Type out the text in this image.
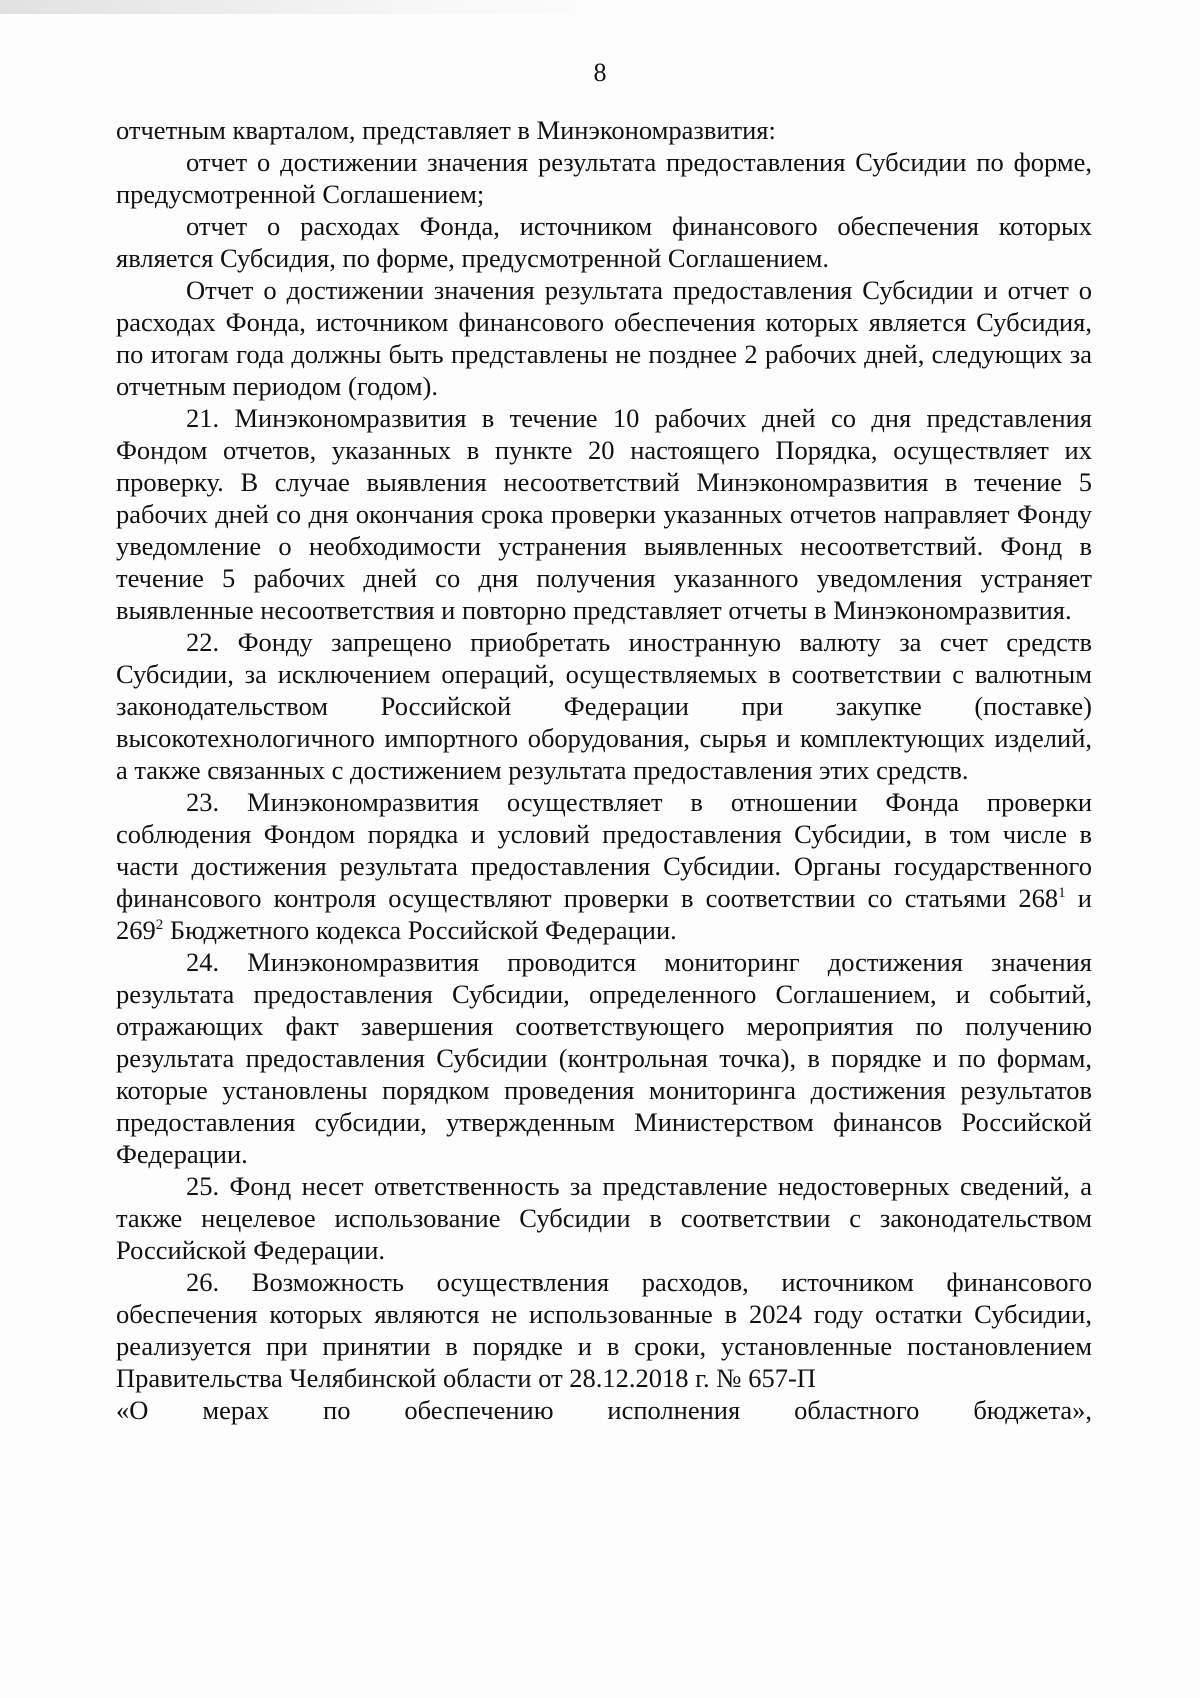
8

отчетным кварталом, представляет в Минэкономразвития:

отчет о достижении значения результата предоставления Субсидии по форме, предусмотренной Соглашением;

отчет о расходах Фонда, источником финансового обеспечения которых является Субсидия, по форме, предусмотренной Соглашением.

Отчет о достижении значения результата предоставления Субсидии и отчет о расходах Фонда, источником финансового обеспечения которых является Субсидия, по итогам года должны быть представлены не позднее 2 рабочих дней, следующих за отчетным периодом (годом).

21. Минэкономразвития в течение 10 рабочих дней со дня представления Фондом отчетов, указанных в пункте 20 настоящего Порядка, осуществляет их проверку. В случае выявления несоответствий Минэкономразвития в течение 5 рабочих дней со дня окончания срока проверки указанных отчетов направляет Фонду уведомление о необходимости устранения выявленных несоответствий. Фонд в течение 5 рабочих дней со дня получения указанного уведомления устраняет выявленные несоответствия и повторно представляет отчеты в Минэкономразвития.

22. Фонду запрещено приобретать иностранную валюту за счет средств Субсидии, за исключением операций, осуществляемых в соответствии с валютным законодательством Российской Федерации при закупке (поставке) высокотехнологичного импортного оборудования, сырья и комплектующих изделий, а также связанных с достижением результата предоставления этих средств.

23. Минэкономразвития осуществляет в отношении Фонда проверки соблюдения Фондом порядка и условий предоставления Субсидии, в том числе в части достижения результата предоставления Субсидии. Органы государственного финансового контроля осуществляют проверки в соответствии со статьями $268^1$ и $269^2$ Бюджетного кодекса Российской Федерации.

24. Минэкономразвития проводится мониторинг достижения значения результата предоставления Субсидии, определенного Соглашением, и событий, отражающих факт завершения соответствующего мероприятия по получению результата предоставления Субсидии (контрольная точка), в порядке и по формам, которые установлены порядком проведения мониторинга достижения результатов предоставления субсидии, утвержденным Министерством финансов Российской Федерации.

25. Фонд несет ответственность за представление недостоверных сведений, а также нецелевое использование Субсидии в соответствии с законодательством Российской Федерации.

26. Возможность осуществления расходов, источником финансового обеспечения которых являются не использованные в 2024 году остатки Субсидии, реализуется при принятии в порядке и в сроки, установленные постановлением Правительства Челябинской области от 28.12.2018 г. № 657-П

«О мерах по обеспечению исполнения областного бюджета»,
